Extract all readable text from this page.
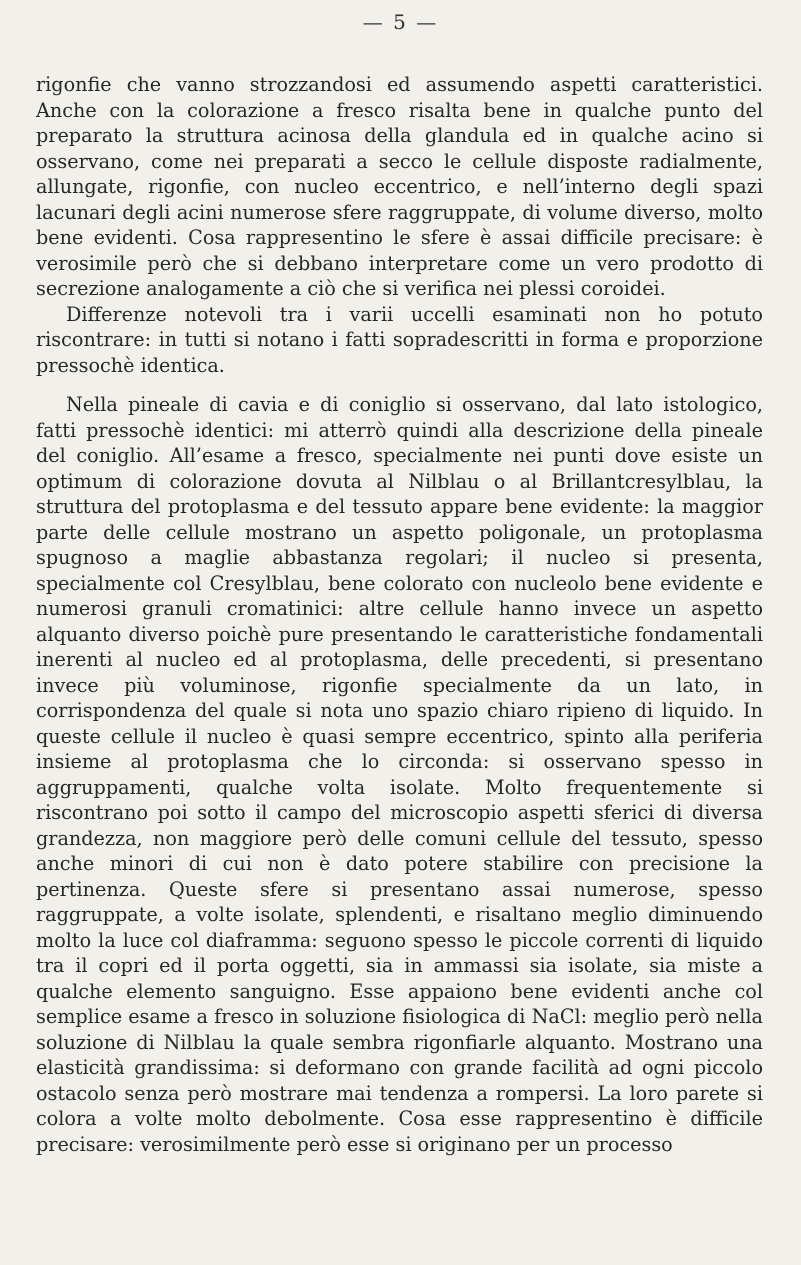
— 5 —

rigonfie che vanno strozzandosi ed assumendo aspetti caratteristici. Anche con la colorazione a fresco risalta bene in qualche punto del preparato la struttura acinosa della glandula ed in qualche acino si osservano, come nei preparati a secco le cellule disposte radialmente, allungate, rigonfie, con nucleo eccentrico, e nell’interno degli spazi lacunari degli acini numerose sfere raggruppate, di volume diverso, molto bene evidenti. Cosa rappresentino le sfere è assai difficile precisare: è verosimile però che si debbano interpretare come un vero prodotto di secrezione analogamente a ciò che si verifica nei plessi coroidei.

Differenze notevoli tra i varii uccelli esaminati non ho potuto riscontrare: in tutti si notano i fatti sopradescritti in forma e proporzione pressochè identica.

Nella pineale di cavia e di coniglio si osservano, dal lato istologico, fatti pressochè identici: mi atterrò quindi alla descrizione della pineale del coniglio. All’esame a fresco, specialmente nei punti dove esiste un optimum di colorazione dovuta al Nilblau o al Brillantcresylblau, la struttura del protoplasma e del tessuto appare bene evidente: la maggior parte delle cellule mostrano un aspetto poligonale, un protoplasma spugnoso a maglie abbastanza regolari; il nucleo si presenta, specialmente col Cresylblau, bene colorato con nucleolo bene evidente e numerosi granuli cromatinici: altre cellule hanno invece un aspetto alquanto diverso poichè pure presentando le caratteristiche fondamentali inerenti al nucleo ed al protoplasma, delle precedenti, si presentano invece più voluminose, rigonfie specialmente da un lato, in corrispondenza del quale si nota uno spazio chiaro ripieno di liquido. In queste cellule il nucleo è quasi sempre eccentrico, spinto alla periferia insieme al protoplasma che lo circonda: si osservano spesso in aggruppamenti, qualche volta isolate. Molto frequentemente si riscontrano poi sotto il campo del microscopio aspetti sferici di diversa grandezza, non maggiore però delle comuni cellule del tessuto, spesso anche minori di cui non è dato potere stabilire con precisione la pertinenza. Queste sfere si presentano assai numerose, spesso raggruppate, a volte isolate, splendenti, e risaltano meglio diminuendo molto la luce col diaframma: seguono spesso le piccole correnti di liquido tra il copri ed il porta oggetti, sia in ammassi sia isolate, sia miste a qualche elemento sanguigno. Esse appaiono bene evidenti anche col semplice esame a fresco in soluzione fisiologica di NaCl: meglio però nella soluzione di Nilblau la quale sembra rigonfiarle alquanto. Mostrano una elasticità grandissima: si deformano con grande facilità ad ogni piccolo ostacolo senza però mostrare mai tendenza a rompersi. La loro parete si colora a volte molto debolmente. Cosa esse rappresentino è difficile precisare: verosimilmente però esse si originano per un processo
